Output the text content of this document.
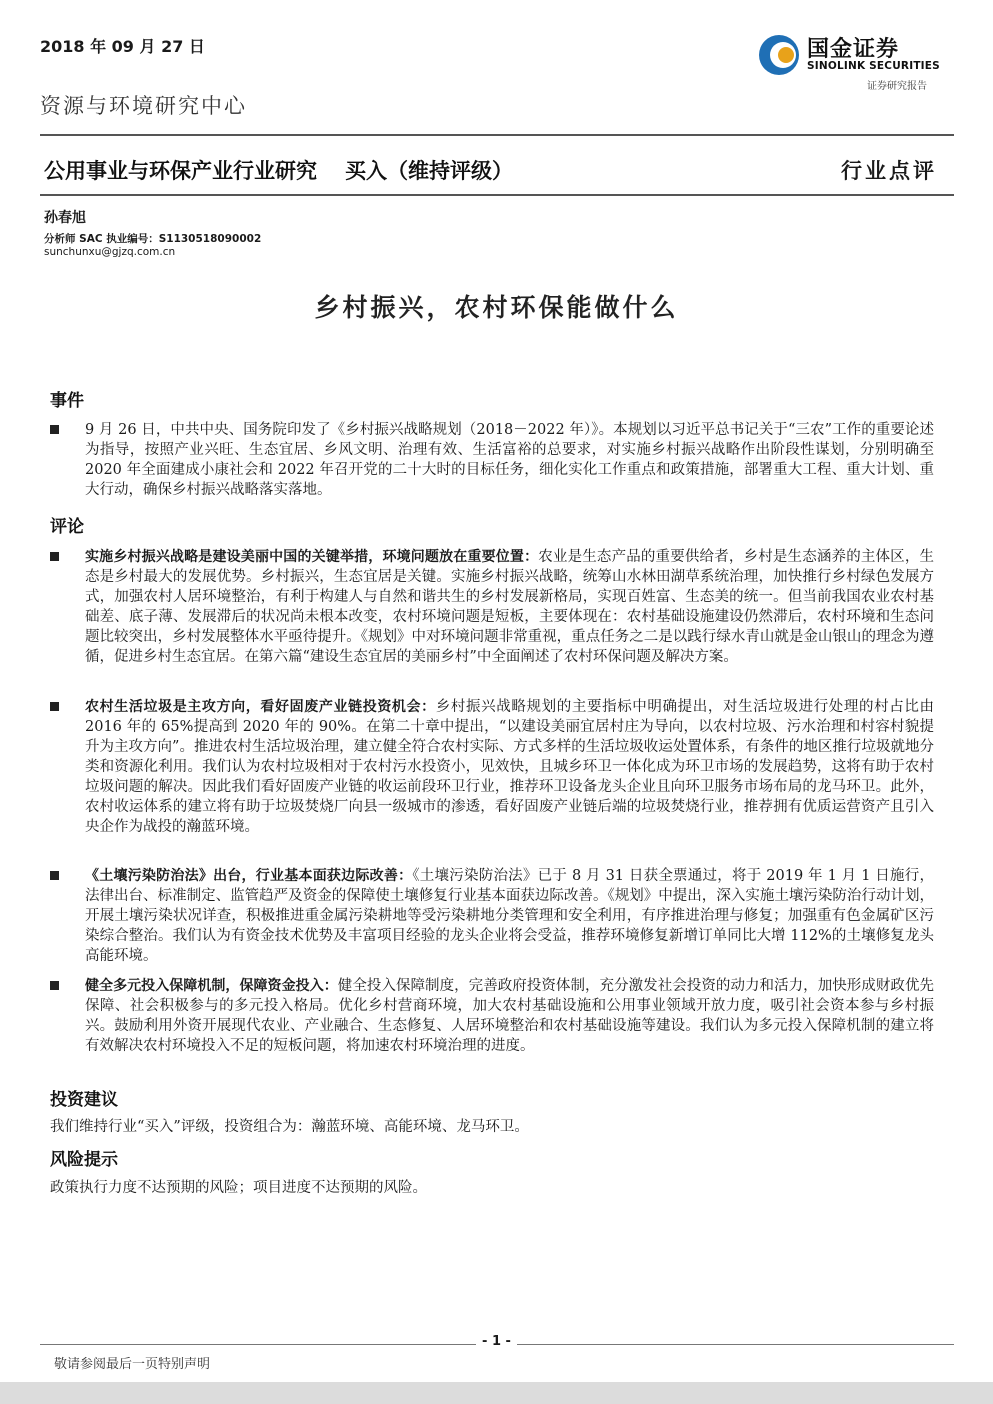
2018 年 09 月 27 日	国金证券
SINOLINK SECURITIES
证券研究报告
资源与环境研究中心
公用事业与环保产业行业研究 买入（维持评级）	行业点评
孙春旭
分析师 SAC 执业编号：S1130518090002
sunchunxu@gjzq.com.cn
乡村振兴，农村环保能做什么
事件
9 月 26 日，中共中央、国务院印发了《乡村振兴战略规划（2018－2022 年）》。本规划以习近平总书记关于“三农”工作的重要论述为指导，按照产业兴旺、生态宜居、乡风文明、治理有效、生活富裕的总要求，对实施乡村振兴战略作出阶段性谋划，分别明确至 2020 年全面建成小康社会和 2022 年召开党的二十大时的目标任务，细化实化工作重点和政策措施，部署重大工程、重大计划、重大行动，确保乡村振兴战略落实落地。
评论
实施乡村振兴战略是建设美丽中国的关键举措，环境问题放在重要位置：农业是生态产品的重要供给者，乡村是生态涵养的主体区，生态是乡村最大的发展优势。乡村振兴，生态宜居是关键。实施乡村振兴战略，统筹山水林田湖草系统治理，加快推行乡村绿色发展方式，加强农村人居环境整治，有利于构建人与自然和谐共生的乡村发展新格局，实现百姓富、生态美的统一。但当前我国农业农村基础差、底子薄、发展滞后的状况尚未根本改变，农村环境问题是短板，主要体现在：农村基础设施建设仍然滞后，农村环境和生态问题比较突出，乡村发展整体水平亟待提升。《规划》中对环境问题非常重视，重点任务之二是以践行绿水青山就是金山银山的理念为遵循，促进乡村生态宜居。在第六篇“建设生态宜居的美丽乡村”中全面阐述了农村环保问题及解决方案。
农村生活垃圾是主攻方向，看好固废产业链投资机会：乡村振兴战略规划的主要指标中明确提出，对生活垃圾进行处理的村占比由 2016 年的 65%提高到 2020 年的 90%。在第二十章中提出，“以建设美丽宜居村庄为导向，以农村垃圾、污水治理和村容村貌提升为主攻方向”。推进农村生活垃圾治理，建立健全符合农村实际、方式多样的生活垃圾收运处置体系，有条件的地区推行垃圾就地分类和资源化利用。我们认为农村垃圾相对于农村污水投资小，见效快，且城乡环卫一体化成为环卫市场的发展趋势，这将有助于农村垃圾问题的解决。因此我们看好固废产业链的收运前段环卫行业，推荐环卫设备龙头企业且向环卫服务市场布局的龙马环卫。此外，农村收运体系的建立将有助于垃圾焚烧厂向县一级城市的渗透，看好固废产业链后端的垃圾焚烧行业，推荐拥有优质运营资产且引入央企作为战投的瀚蓝环境。
《土壤污染防治法》出台，行业基本面获边际改善：《土壤污染防治法》已于 8 月 31 日获全票通过，将于 2019 年 1 月 1 日施行，法律出台、标准制定、监管趋严及资金的保障使土壤修复行业基本面获边际改善。《规划》中提出，深入实施土壤污染防治行动计划，开展土壤污染状况详查，积极推进重金属污染耕地等受污染耕地分类管理和安全利用，有序推进治理与修复；加强重有色金属矿区污染综合整治。我们认为有资金技术优势及丰富项目经验的龙头企业将会受益，推荐环境修复新增订单同比大增 112%的土壤修复龙头高能环境。
健全多元投入保障机制，保障资金投入：健全投入保障制度，完善政府投资体制，充分激发社会投资的动力和活力，加快形成财政优先保障、社会积极参与的多元投入格局。优化乡村营商环境，加大农村基础设施和公用事业领域开放力度，吸引社会资本参与乡村振兴。鼓励利用外资开展现代农业、产业融合、生态修复、人居环境整治和农村基础设施等建设。我们认为多元投入保障机制的建立将有效解决农村环境投入不足的短板问题，将加速农村环境治理的进度。
投资建议
我们维持行业“买入”评级，投资组合为：瀚蓝环境、高能环境、龙马环卫。
风险提示
政策执行力度不达预期的风险；项目进度不达预期的风险。
- 1 -
敬请参阅最后一页特别声明
